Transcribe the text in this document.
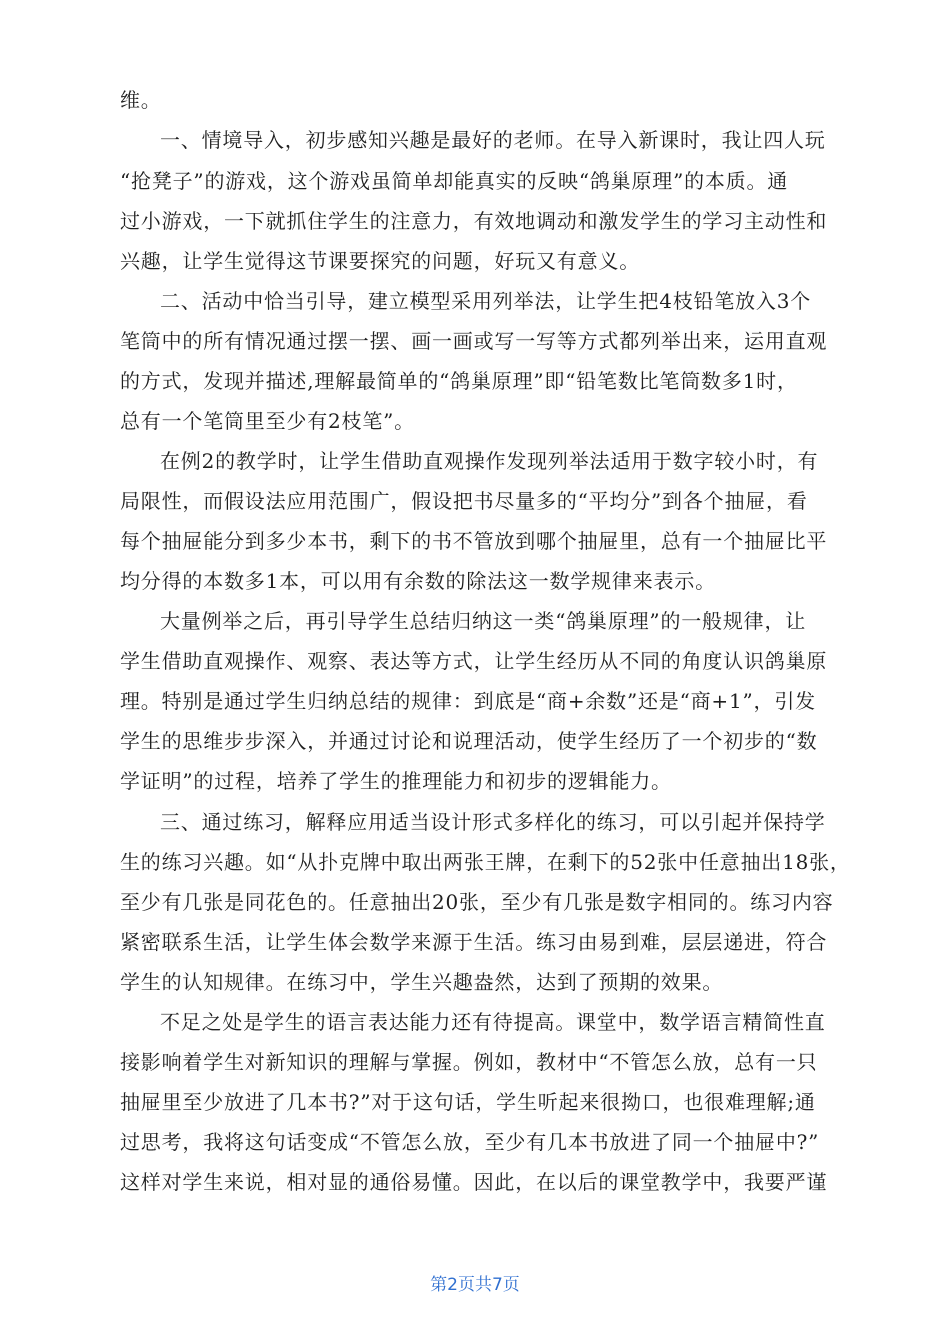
维。
一、情境导入，初步感知兴趣是最好的老师。在导入新课时，我让四人玩
“抢凳子”的游戏，这个游戏虽简单却能真实的反映“鸽巢原理”的本质。通
过小游戏，一下就抓住学生的注意力，有效地调动和激发学生的学习主动性和
兴趣，让学生觉得这节课要探究的问题，好玩又有意义。
二、活动中恰当引导，建立模型采用列举法，让学生把4枝铅笔放入3个
笔筒中的所有情况通过摆一摆、画一画或写一写等方式都列举出来，运用直观
的方式，发现并描述,理解最简单的“鸽巢原理”即“铅笔数比笔筒数多1时，
总有一个笔筒里至少有2枝笔”。
在例2的教学时，让学生借助直观操作发现列举法适用于数字较小时，有
局限性，而假设法应用范围广，假设把书尽量多的“平均分”到各个抽屉，看
每个抽屉能分到多少本书，剩下的书不管放到哪个抽屉里，总有一个抽屉比平
均分得的本数多1本，可以用有余数的除法这一数学规律来表示。
大量例举之后，再引导学生总结归纳这一类“鸽巢原理”的一般规律，让
学生借助直观操作、观察、表达等方式，让学生经历从不同的角度认识鸽巢原
理。特别是通过学生归纳总结的规律：到底是“商+余数”还是“商+1”，引发
学生的思维步步深入，并通过讨论和说理活动，使学生经历了一个初步的“数
学证明”的过程，培养了学生的推理能力和初步的逻辑能力。
三、通过练习，解释应用适当设计形式多样化的练习，可以引起并保持学
生的练习兴趣。如“从扑克牌中取出两张王牌，在剩下的52张中任意抽出18张，
至少有几张是同花色的。任意抽出20张，至少有几张是数字相同的。练习内容
紧密联系生活，让学生体会数学来源于生活。练习由易到难，层层递进，符合
学生的认知规律。在练习中，学生兴趣盎然，达到了预期的效果。
不足之处是学生的语言表达能力还有待提高。课堂中，数学语言精简性直
接影响着学生对新知识的理解与掌握。例如，教材中“不管怎么放，总有一只
抽屉里至少放进了几本书?”对于这句话，学生听起来很拗口，也很难理解;通
过思考，我将这句话变成“不管怎么放，至少有几本书放进了同一个抽屉中?”
这样对学生来说，相对显的通俗易懂。因此，在以后的课堂教学中，我要严谨
第2页共7页
